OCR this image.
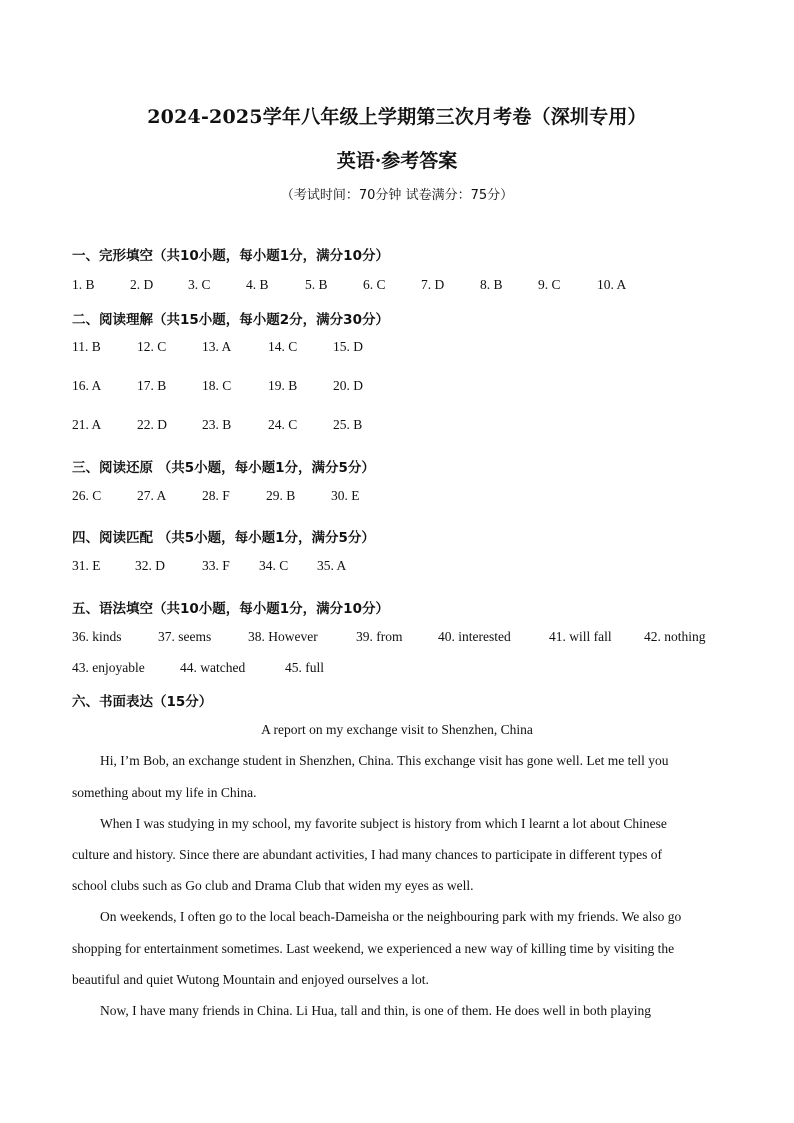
2024-2025学年八年级上学期第三次月考卷（深圳专用）
英语·参考答案
（考试时间：70分钟 试卷满分：75分）
一、完形填空（共10小题，每小题1分，满分10分）
1. B	2. D	3. C	4. B	5. B	6. C	7. D	8. B	9. C	10. A
二、阅读理解（共15小题，每小题2分，满分30分）
11. B	12. C	13. A	14. C	15. D
16. A	17. B	18. C	19. B	20. D
21. A	22. D	23. B	24. C	25. B
三、阅读还原 （共5小题，每小题1分，满分5分）
26. C	27. A	28. F	29. B	30. E
四、阅读匹配 （共5小题，每小题1分，满分5分）
31. E	32. D	33. F 34. C 35. A
五、语法填空（共10小题，每小题1分，满分10分）
36. kinds	37. seems	38. However	39. from	40. interested	41. will fall 42. nothing
43. enjoyable	44. watched	45. full
六、书面表达（15分）
A report on my exchange visit to Shenzhen, China
Hi, I’m Bob, an exchange student in Shenzhen, China. This exchange visit has gone well. Let me tell you
something about my life in China.
When I was studying in my school, my favorite subject is history from which I learnt a lot about Chinese
culture and history. Since there are abundant activities, I had many chances to participate in different types of
school clubs such as Go club and Drama Club that widen my eyes as well.
On weekends, I often go to the local beach-Dameisha or the neighbouring park with my friends. We also go
shopping for entertainment sometimes. Last weekend, we experienced a new way of killing time by visiting the
beautiful and quiet Wutong Mountain and enjoyed ourselves a lot.
Now, I have many friends in China. Li Hua, tall and thin, is one of them. He does well in both playing
